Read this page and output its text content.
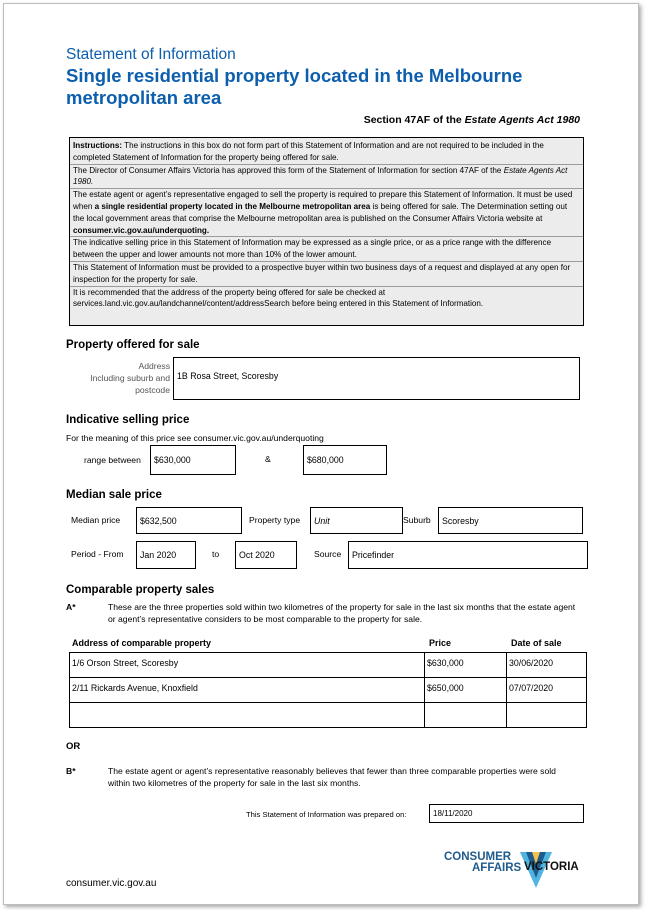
Statement of Information
Single residential property located in the Melbourne metropolitan area
Section 47AF of the Estate Agents Act 1980
Instructions: The instructions in this box do not form part of this Statement of Information and are not required to be included in the completed Statement of Information for the property being offered for sale.
The Director of Consumer Affairs Victoria has approved this form of the Statement of Information for section 47AF of the Estate Agents Act 1980.
The estate agent or agent’s representative engaged to sell the property is required to prepare this Statement of Information. It must be used when a single residential property located in the Melbourne metropolitan area is being offered for sale. The Determination setting out the local government areas that comprise the Melbourne metropolitan area is published on the Consumer Affairs Victoria website at consumer.vic.gov.au/underquoting.
The indicative selling price in this Statement of Information may be expressed as a single price, or as a price range with the difference between the upper and lower amounts not more than 10% of the lower amount.
This Statement of Information must be provided to a prospective buyer within two business days of a request and displayed at any open for inspection for the property for sale.
It is recommended that the address of the property being offered for sale be checked at services.land.vic.gov.au/landchannel/content/addressSearch before being entered in this Statement of Information.
Property offered for sale
Address
Including suburb and
postcode
1B Rosa Street, Scoresby
Indicative selling price
For the meaning of this price see consumer.vic.gov.au/underquoting
range between	$630,000	&	$680,000
Median sale price
Median price	$632,500	Property type	Unit	Suburb	Scoresby
Period - From	Jan 2020	to	Oct 2020	Source	Pricefinder
Comparable property sales
A*	These are the three properties sold within two kilometres of the property for sale in the last six months that the estate agent or agent’s representative considers to be most comparable to the property for sale.
Address of comparable property	Price	Date of sale
1/6 Orson Street, Scoresby	$630,000	30/06/2020
2/11 Rickards Avenue, Knoxfield	$650,000	07/07/2020
OR
B*	The estate agent or agent’s representative reasonably believes that fewer than three comparable properties were sold within two kilometres of the property for sale in the last six months.
This Statement of Information was prepared on:	18/11/2020
CONSUMER
AFFAIRS VICTORIA
consumer.vic.gov.au
